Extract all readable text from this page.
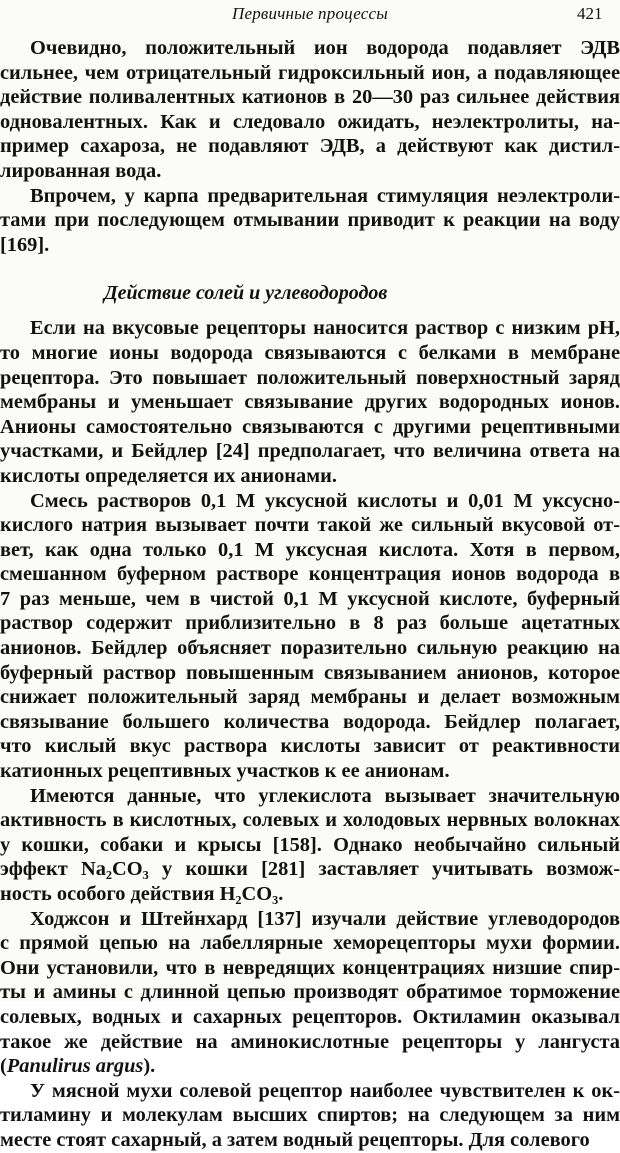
Первичные процессы	421
Очевидно, положительный ион водорода подавляет ЭДВ
сильнее, чем отрицательный гидроксильный ион, а подавляющее
действие поливалентных катионов в 20—30 раз сильнее действия
одновалентных. Как и следовало ожидать, неэлектролиты, на-
пример сахароза, не подавляют ЭДВ, а действуют как дистил-
лированная вода.
Впрочем, у карпа предварительная стимуляция неэлектроли-
тами при последующем отмывании приводит к реакции на воду
[169].
Действие солей и углеводородов
Если на вкусовые рецепторы наносится раствор с низким pH,
то многие ионы водорода связываются с белками в мембране
рецептора. Это повышает положительный поверхностный заряд
мембраны и уменьшает связывание других водородных ионов.
Анионы самостоятельно связываются с другими рецептивными
участками, и Бейдлер [24] предполагает, что величина ответа на
кислоты определяется их анионами.
Смесь растворов 0,1 М уксусной кислоты и 0,01 М уксусно-
кислого натрия вызывает почти такой же сильный вкусовой от-
вет, как одна только 0,1 М уксусная кислота. Хотя в первом,
смешанном буферном растворе концентрация ионов водорода в
7 раз меньше, чем в чистой 0,1 М уксусной кислоте, буферный
раствор содержит приблизительно в 8 раз больше ацетатных
анионов. Бейдлер объясняет поразительно сильную реакцию на
буферный раствор повышенным связыванием анионов, которое
снижает положительный заряд мембраны и делает возможным
связывание большего количества водорода. Бейдлер полагает,
что кислый вкус раствора кислоты зависит от реактивности
катионных рецептивных участков к ее анионам.
Имеются данные, что углекислота вызывает значительную
активность в кислотных, солевых и холодовых нервных волокнах
у кошки, собаки и крысы [158]. Однако необычайно сильный
эффект Na₂CO₃ у кошки [281] заставляет учитывать возмож-
ность особого действия H₂CO₃.
Ходжсон и Штейнхард [137] изучали действие углеводородов
с прямой цепью на лабеллярные хеморецепторы мухи формии.
Они установили, что в невредящих концентрациях низшие спир-
ты и амины с длинной цепью производят обратимое торможение
солевых, водных и сахарных рецепторов. Октиламин оказывал
такое же действие на аминокислотные рецепторы у лангуста
(Panulirus argus).
У мясной мухи солевой рецептор наиболее чувствителен к ок-
тиламину и молекулам высших спиртов; на следующем за ним
месте стоят сахарный, а затем водный рецепторы. Для солевого
